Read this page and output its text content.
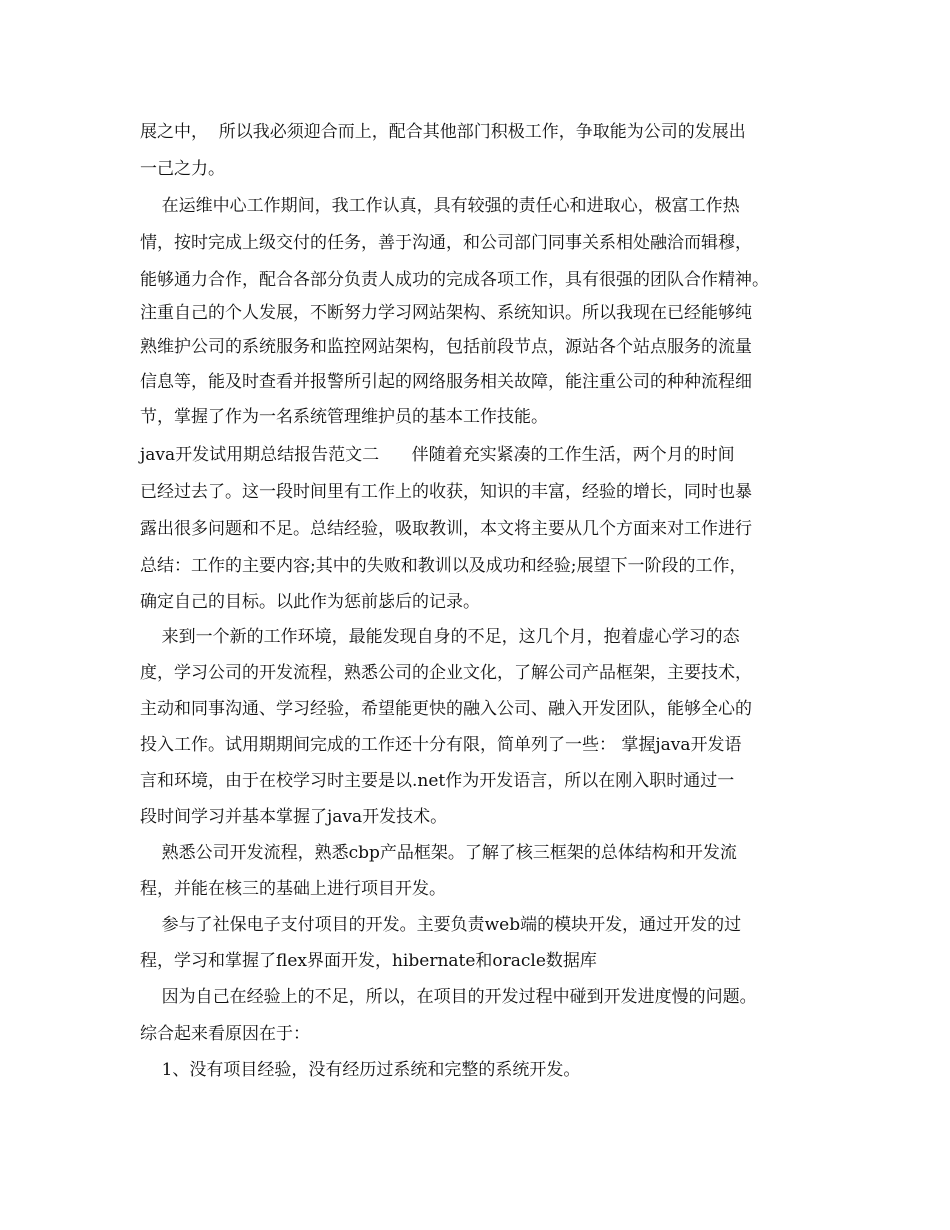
展之中，  所以我必须迎合而上，配合其他部门积极工作，争取能为公司的发展出
一己之力。
在运维中心工作期间，我工作认真，具有较强的责任心和进取心，极富工作热
情，按时完成上级交付的任务，善于沟通，和公司部门同事关系相处融洽而辑穆，
能够通力合作，配合各部分负责人成功的完成各项工作，具有很强的团队合作精神。
注重自己的个人发展，不断努力学习网站架构、系统知识。所以我现在已经能够纯
熟维护公司的系统服务和监控网站架构，包括前段节点，源站各个站点服务的流量
信息等，能及时查看并报警所引起的网络服务相关故障，能注重公司的种种流程细
节，掌握了作为一名系统管理维护员的基本工作技能。
java开发试用期总结报告范文二      伴随着充实紧凑的工作生活，两个月的时间
已经过去了。这一段时间里有工作上的收获，知识的丰富，经验的增长，同时也暴
露出很多问题和不足。总结经验，吸取教训，本文将主要从几个方面来对工作进行
总结：工作的主要内容;其中的失败和教训以及成功和经验;展望下一阶段的工作，
确定自己的目标。以此作为惩前毖后的记录。
来到一个新的工作环境，最能发现自身的不足，这几个月，抱着虚心学习的态
度，学习公司的开发流程，熟悉公司的企业文化，了解公司产品框架，主要技术，
主动和同事沟通、学习经验，希望能更快的融入公司、融入开发团队，能够全心的
投入工作。试用期期间完成的工作还十分有限，简单列了一些： 掌握java开发语
言和环境，由于在校学习时主要是以.net作为开发语言，所以在刚入职时通过一
段时间学习并基本掌握了java开发技术。
熟悉公司开发流程，熟悉cbp产品框架。了解了核三框架的总体结构和开发流
程，并能在核三的基础上进行项目开发。
参与了社保电子支付项目的开发。主要负责web端的模块开发，通过开发的过
程，学习和掌握了flex界面开发，hibernate和oracle数据库
因为自己在经验上的不足，所以，在项目的开发过程中碰到开发进度慢的问题。
综合起来看原因在于：
1、没有项目经验，没有经历过系统和完整的系统开发。
